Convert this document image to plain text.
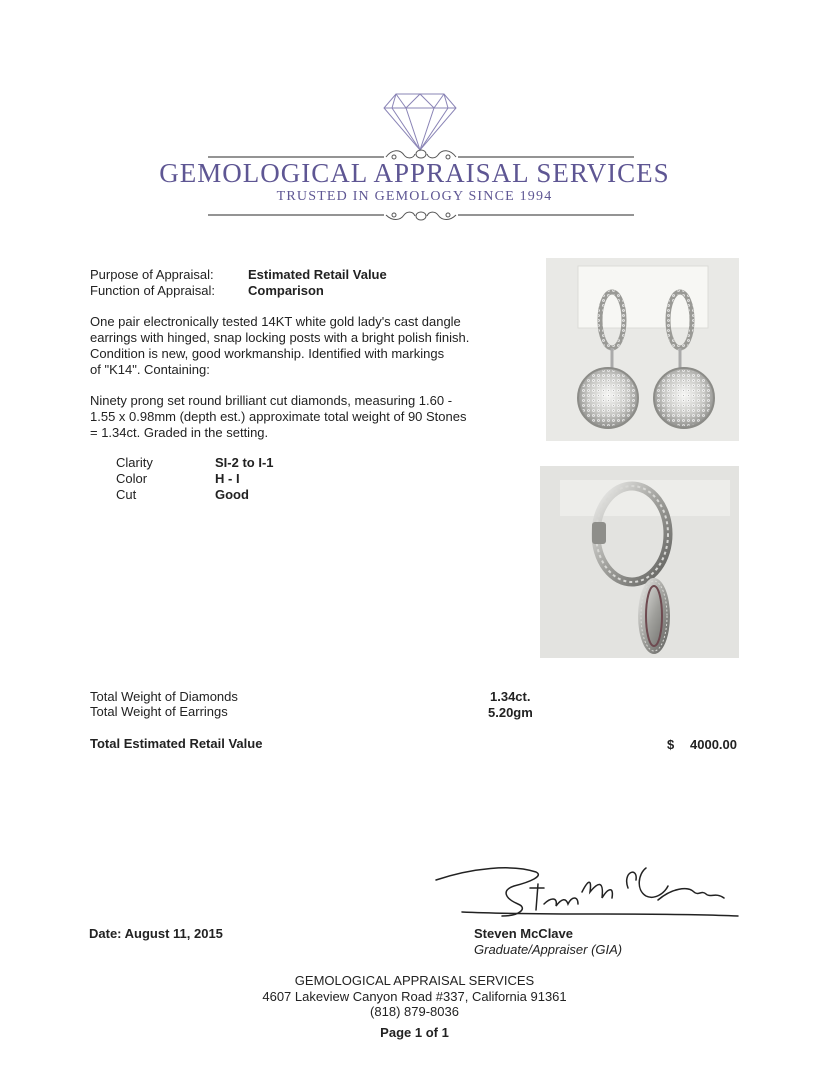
GEMOLOGICAL APPRAISAL SERVICES
TRUSTED IN GEMOLOGY SINCE 1994
Purpose of Appraisal:	Estimated Retail Value
Function of Appraisal:	Comparison
One pair electronically tested 14KT white gold lady's cast dangle
earrings with hinged, snap locking posts with a bright polish finish.
Condition is new, good workmanship. Identified with markings
of "K14". Containing:
Ninety prong set round brilliant cut diamonds, measuring 1.60 -
1.55 x 0.98mm (depth est.) approximate total weight of 90 Stones
= 1.34ct. Graded in the setting.
Clarity	SI-2 to I-1
Color	H - I
Cut	Good
Total Weight of Diamonds	1.34ct.
Total Weight of Earrings	5.20gm
Total Estimated Retail Value	$ 4000.00
Date: August 11, 2015	Steven McClave
Graduate/Appraiser (GIA)
GEMOLOGICAL APPRAISAL SERVICES
4607 Lakeview Canyon Road #337, California 91361
(818) 879-8036
Page 1 of 1
